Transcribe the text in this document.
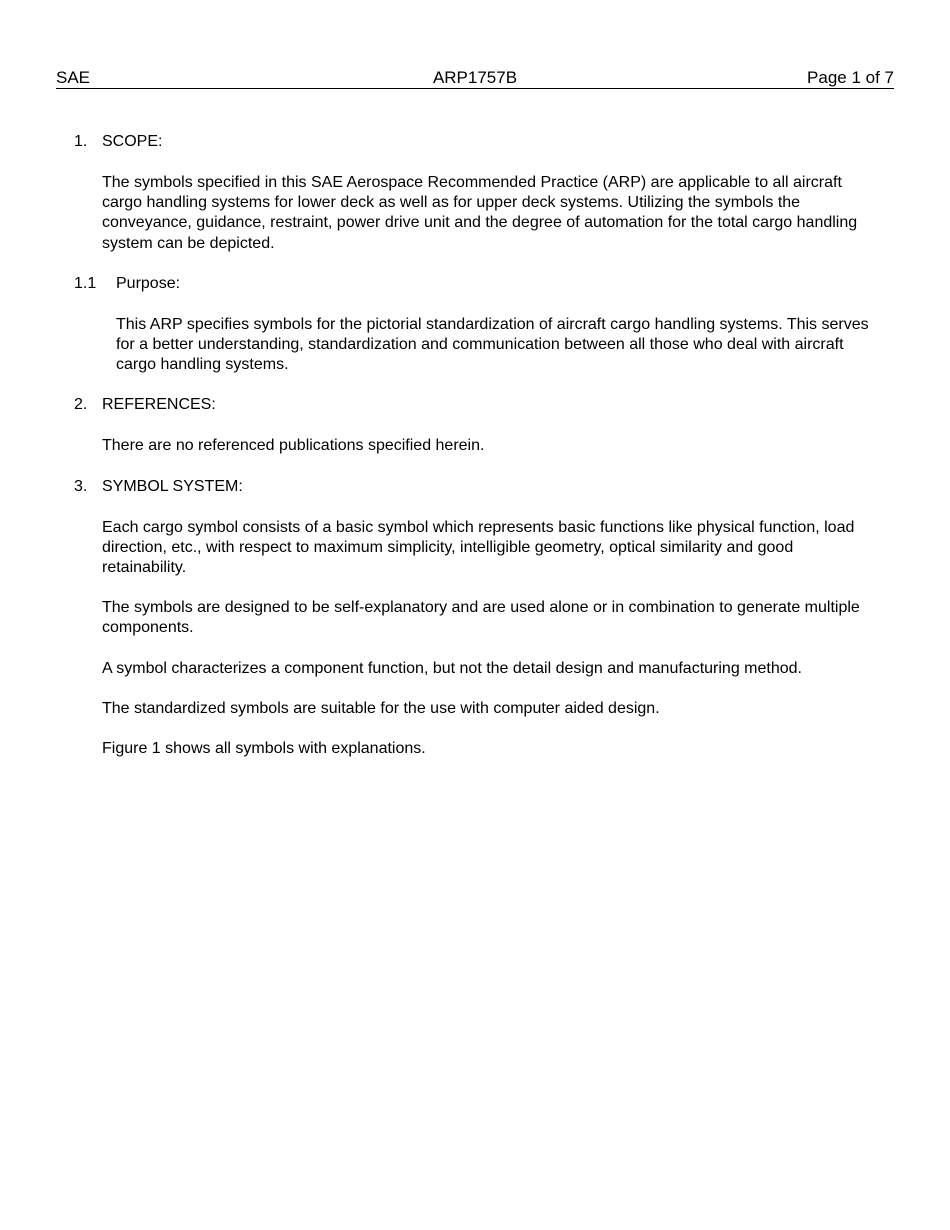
SAE	ARP1757B	Page 1 of 7
1. SCOPE:

The symbols specified in this SAE Aerospace Recommended Practice (ARP) are applicable to all aircraft cargo handling systems for lower deck as well as for upper deck systems. Utilizing the symbols the conveyance, guidance, restraint, power drive unit and the degree of automation for the total cargo handling system can be depicted.

1.1 Purpose:

This ARP specifies symbols for the pictorial standardization of aircraft cargo handling systems. This serves for a better understanding, standardization and communication between all those who deal with aircraft cargo handling systems.

2. REFERENCES:

There are no referenced publications specified herein.

3. SYMBOL SYSTEM:

Each cargo symbol consists of a basic symbol which represents basic functions like physical function, load direction, etc., with respect to maximum simplicity, intelligible geometry, optical similarity and good retainability.

The symbols are designed to be self-explanatory and are used alone or in combination to generate multiple components.

A symbol characterizes a component function, but not the detail design and manufacturing method.

The standardized symbols are suitable for the use with computer aided design.

Figure 1 shows all symbols with explanations.
